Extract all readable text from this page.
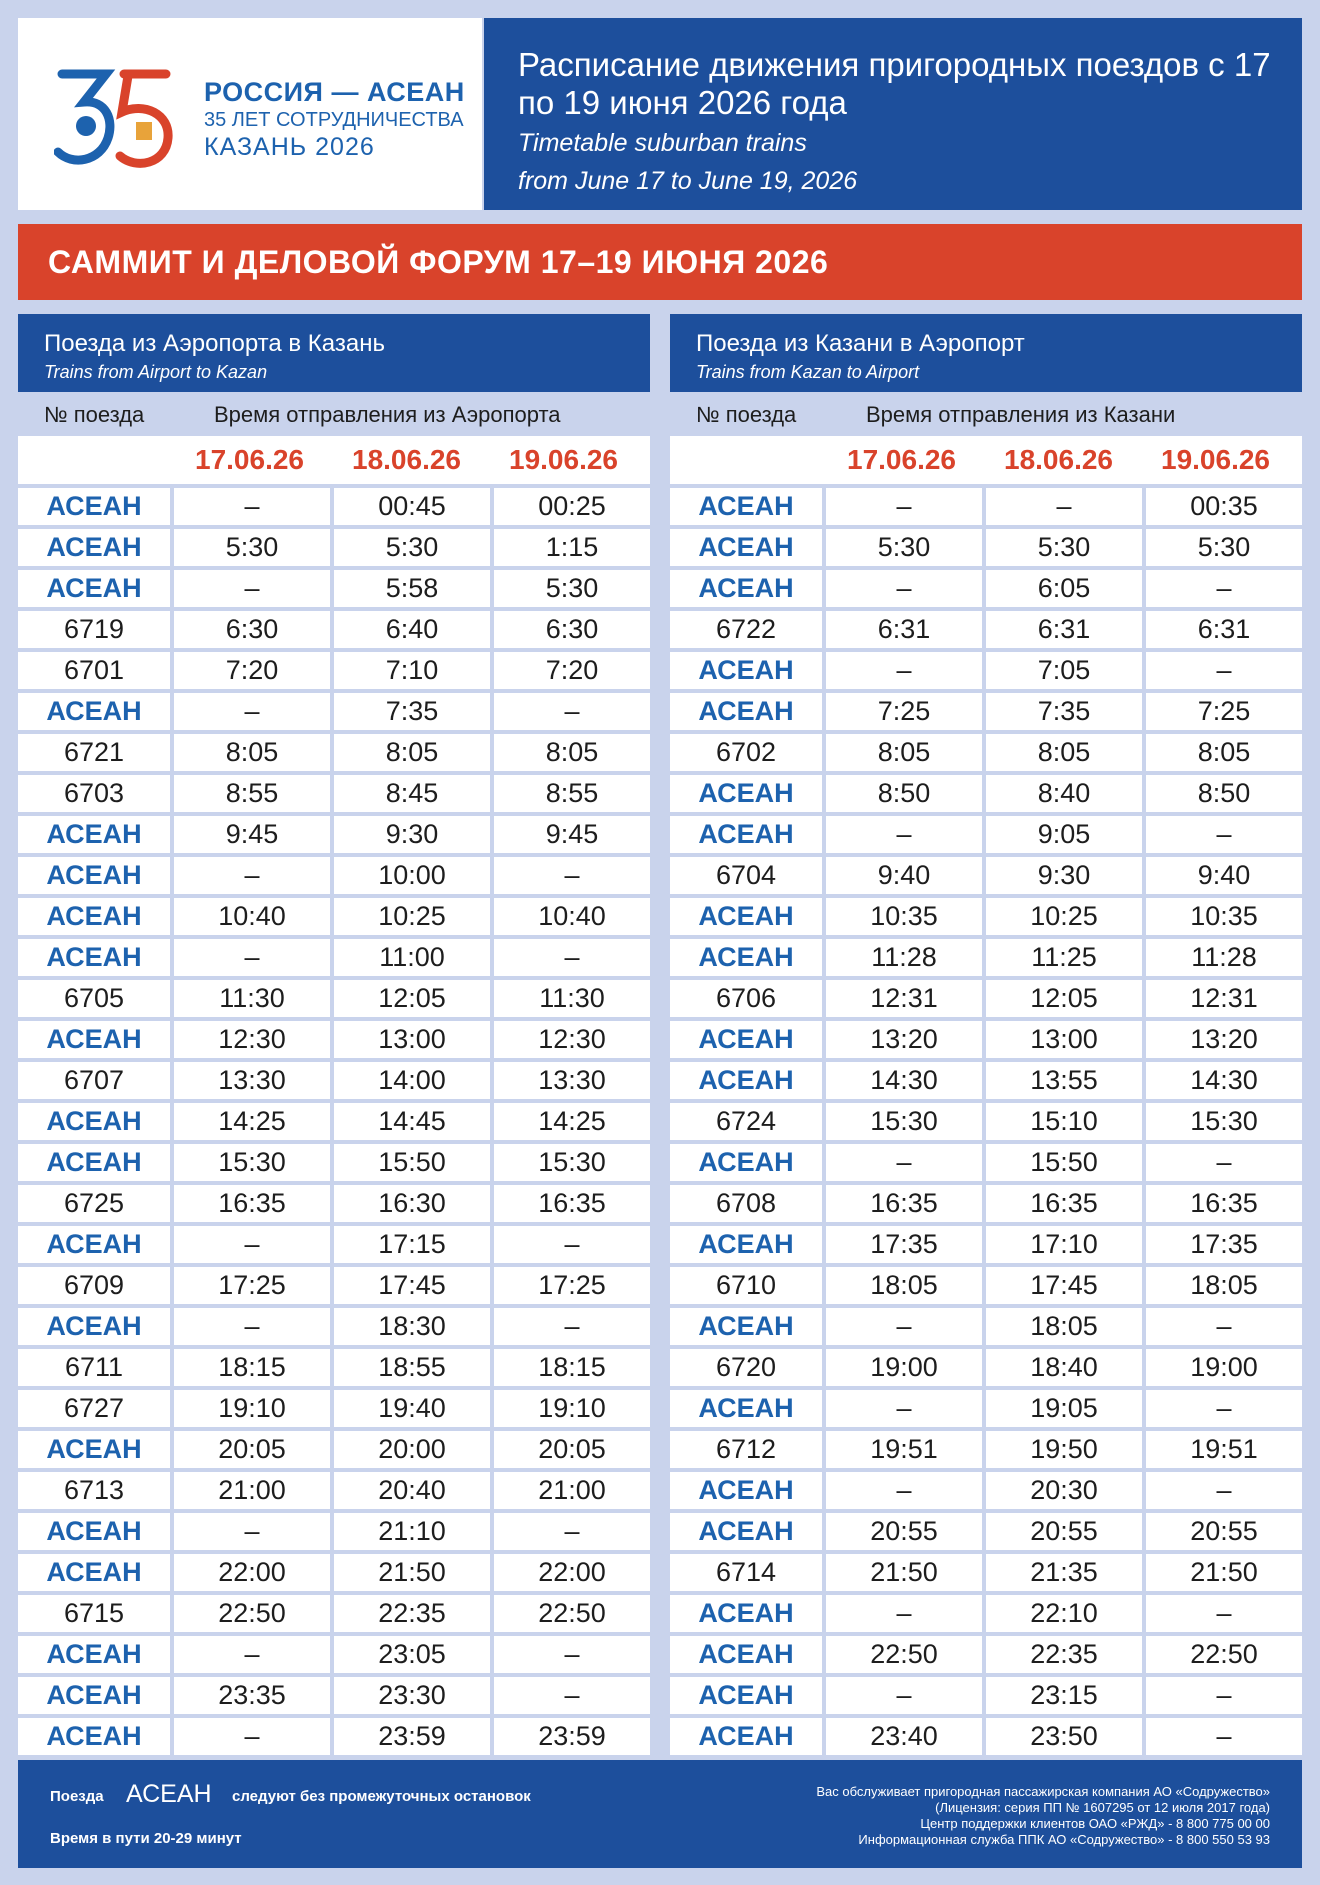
РОССИЯ — АСЕАН
35 ЛЕТ СОТРУДНИЧЕСТВА
КАЗАНЬ 2026
Расписание движения пригородных поездов с 17 по 19 июня 2026 года
Timetable suburban trains
from June 17 to June 19, 2026
САММИТ И ДЕЛОВОЙ ФОРУМ 17–19 ИЮНЯ 2026
Поезда из Аэропорта в Казань
Trains from Airport to Kazan
№ поезда	Время отправления из Аэропорта
17.06.26	18.06.26	19.06.26
АСЕАН	–	00:45	00:25
АСЕАН	5:30	5:30	1:15
АСЕАН	–	5:58	5:30
6719	6:30	6:40	6:30
6701	7:20	7:10	7:20
АСЕАН	–	7:35	–
6721	8:05	8:05	8:05
6703	8:55	8:45	8:55
АСЕАН	9:45	9:30	9:45
АСЕАН	–	10:00	–
АСЕАН	10:40	10:25	10:40
АСЕАН	–	11:00	–
6705	11:30	12:05	11:30
АСЕАН	12:30	13:00	12:30
6707	13:30	14:00	13:30
АСЕАН	14:25	14:45	14:25
АСЕАН	15:30	15:50	15:30
6725	16:35	16:30	16:35
АСЕАН	–	17:15	–
6709	17:25	17:45	17:25
АСЕАН	–	18:30	–
6711	18:15	18:55	18:15
6727	19:10	19:40	19:10
АСЕАН	20:05	20:00	20:05
6713	21:00	20:40	21:00
АСЕАН	–	21:10	–
АСЕАН	22:00	21:50	22:00
6715	22:50	22:35	22:50
АСЕАН	–	23:05	–
АСЕАН	23:35	23:30	–
АСЕАН	–	23:59	23:59
Поезда из Казани в Аэропорт
Trains from Kazan to Airport
№ поезда	Время отправления из Казани
17.06.26	18.06.26	19.06.26
АСЕАН	–	–	00:35
АСЕАН	5:30	5:30	5:30
АСЕАН	–	6:05	–
6722	6:31	6:31	6:31
АСЕАН	–	7:05	–
АСЕАН	7:25	7:35	7:25
6702	8:05	8:05	8:05
АСЕАН	8:50	8:40	8:50
АСЕАН	–	9:05	–
6704	9:40	9:30	9:40
АСЕАН	10:35	10:25	10:35
АСЕАН	11:28	11:25	11:28
6706	12:31	12:05	12:31
АСЕАН	13:20	13:00	13:20
АСЕАН	14:30	13:55	14:30
6724	15:30	15:10	15:30
АСЕАН	–	15:50	–
6708	16:35	16:35	16:35
АСЕАН	17:35	17:10	17:35
6710	18:05	17:45	18:05
АСЕАН	–	18:05	–
6720	19:00	18:40	19:00
АСЕАН	–	19:05	–
6712	19:51	19:50	19:51
АСЕАН	–	20:30	–
АСЕАН	20:55	20:55	20:55
6714	21:50	21:35	21:50
АСЕАН	–	22:10	–
АСЕАН	22:50	22:35	22:50
АСЕАН	–	23:15	–
АСЕАН	23:40	23:50	–
Поезда АСЕАН следуют без промежуточных остановок
Время в пути 20-29 минут
Вас обслуживает пригородная пассажирская компания АО «Содружество»
(Лицензия: серия ПП № 1607295 от 12 июля 2017 года)
Центр поддержки клиентов ОАО «РЖД» - 8 800 775 00 00
Информационная служба ППК АО «Содружество» - 8 800 550 53 93
